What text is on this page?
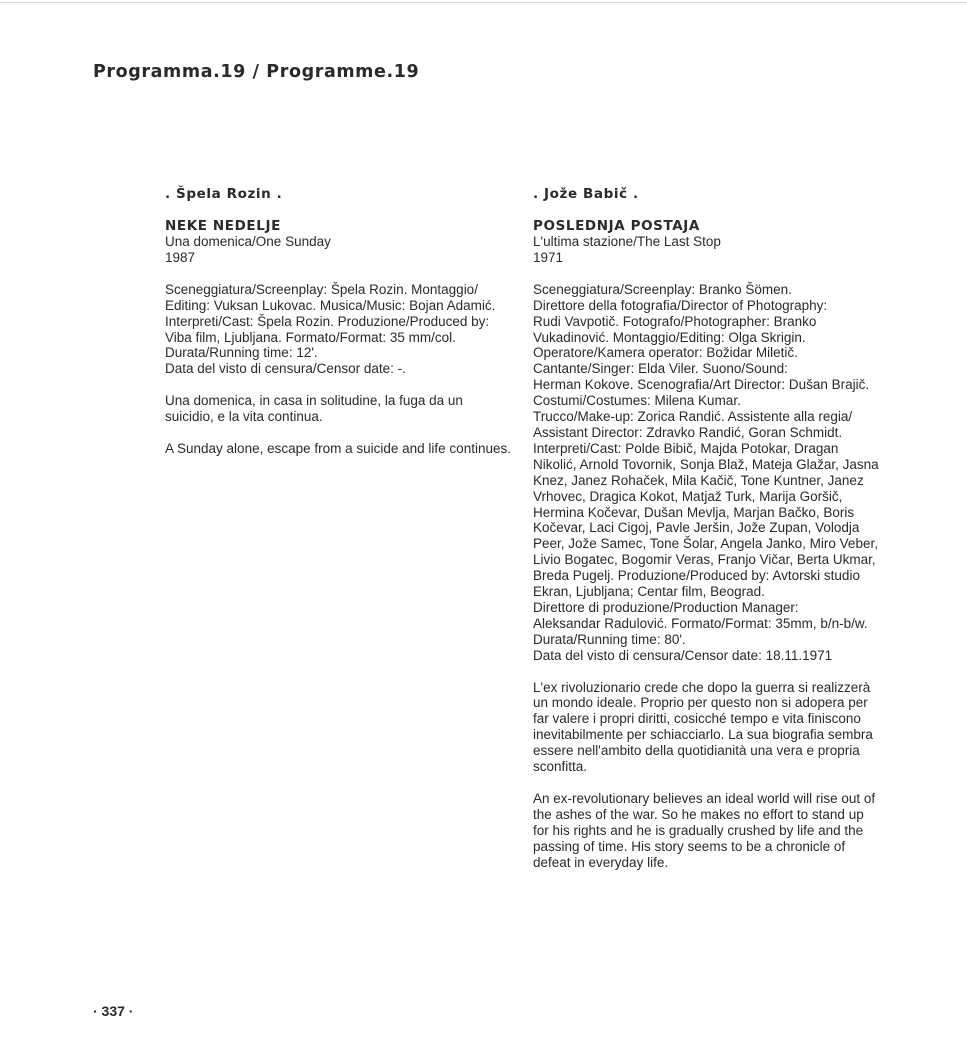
Programma.19 / Programme.19
. Špela Rozin .
NEKE NEDELJE
Una domenica/One Sunday
1987
Sceneggiatura/Screenplay: Špela Rozin. Montaggio/
Editing: Vuksan Lukovac. Musica/Music: Bojan Adamić.
Interpreti/Cast: Špela Rozin. Produzione/Produced by:
Viba film, Ljubljana. Formato/Format: 35 mm/col.
Durata/Running time: 12'.
Data del visto di censura/Censor date: -.
Una domenica, in casa in solitudine, la fuga da un
suicidio, e la vita continua.
A Sunday alone, escape from a suicide and life continues.
. Jože Babič .
POSLEDNJA POSTAJA
L'ultima stazione/The Last Stop
1971
Sceneggiatura/Screenplay: Branko Šömen.
Direttore della fotografia/Director of Photography:
Rudi Vavpotič. Fotografo/Photographer: Branko
Vukadinović. Montaggio/Editing: Olga Skrigin.
Operatore/Kamera operator: Božidar Miletič.
Cantante/Singer: Elda Viler. Suono/Sound:
Herman Kokove. Scenografia/Art Director: Dušan Brajič.
Costumi/Costumes: Milena Kumar.
Trucco/Make-up: Zorica Randić. Assistente alla regia/
Assistant Director: Zdravko Randić, Goran Schmidt.
Interpreti/Cast: Polde Bibič, Majda Potokar, Dragan
Nikolić, Arnold Tovornik, Sonja Blaž, Mateja Glažar, Jasna
Knez, Janez Rohaček, Mila Kačič, Tone Kuntner, Janez
Vrhovec, Dragica Kokot, Matjaž Turk, Marija Goršič,
Hermina Kočevar, Dušan Mevlja, Marjan Bačko, Boris
Kočevar, Laci Cigoj, Pavle Jeršin, Jože Zupan, Volodja
Peer, Jože Samec, Tone Šolar, Angela Janko, Miro Veber,
Livio Bogatec, Bogomir Veras, Franjo Vičar, Berta Ukmar,
Breda Pugelj. Produzione/Produced by: Avtorski studio
Ekran, Ljubljana; Centar film, Beograd.
Direttore di produzione/Production Manager:
Aleksandar Radulović. Formato/Format: 35mm, b/n-b/w.
Durata/Running time: 80'.
Data del visto di censura/Censor date: 18.11.1971
L'ex rivoluzionario crede che dopo la guerra si realizzerà
un mondo ideale. Proprio per questo non si adopera per
far valere i propri diritti, cosicché tempo e vita finiscono
inevitabilmente per schiacciarlo. La sua biografia sembra
essere nell'ambito della quotidianità una vera e propria
sconfitta.
An ex-revolutionary believes an ideal world will rise out of
the ashes of the war. So he makes no effort to stand up
for his rights and he is gradually crushed by life and the
passing of time. His story seems to be a chronicle of
defeat in everyday life.
· 337 ·
